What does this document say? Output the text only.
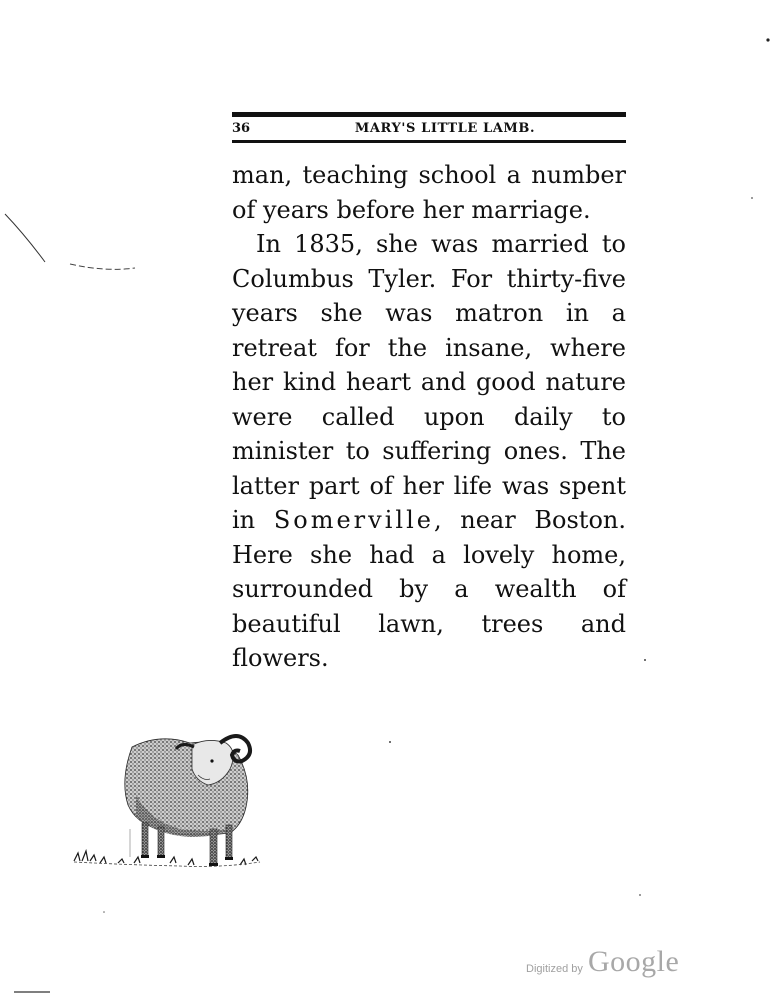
36	MARY'S LITTLE LAMB.

man, teaching school a number of years before her marriage.

In 1835, she was married to Columbus Tyler. For thirty-five years she was matron in a retreat for the insane, where her kind heart and good nature were called upon daily to minister to suffering ones. The latter part of her life was spent in Somerville, near Boston. Here she had a lovely home, surrounded by a wealth of beautiful lawn, trees and flowers.

Digitized by Google
